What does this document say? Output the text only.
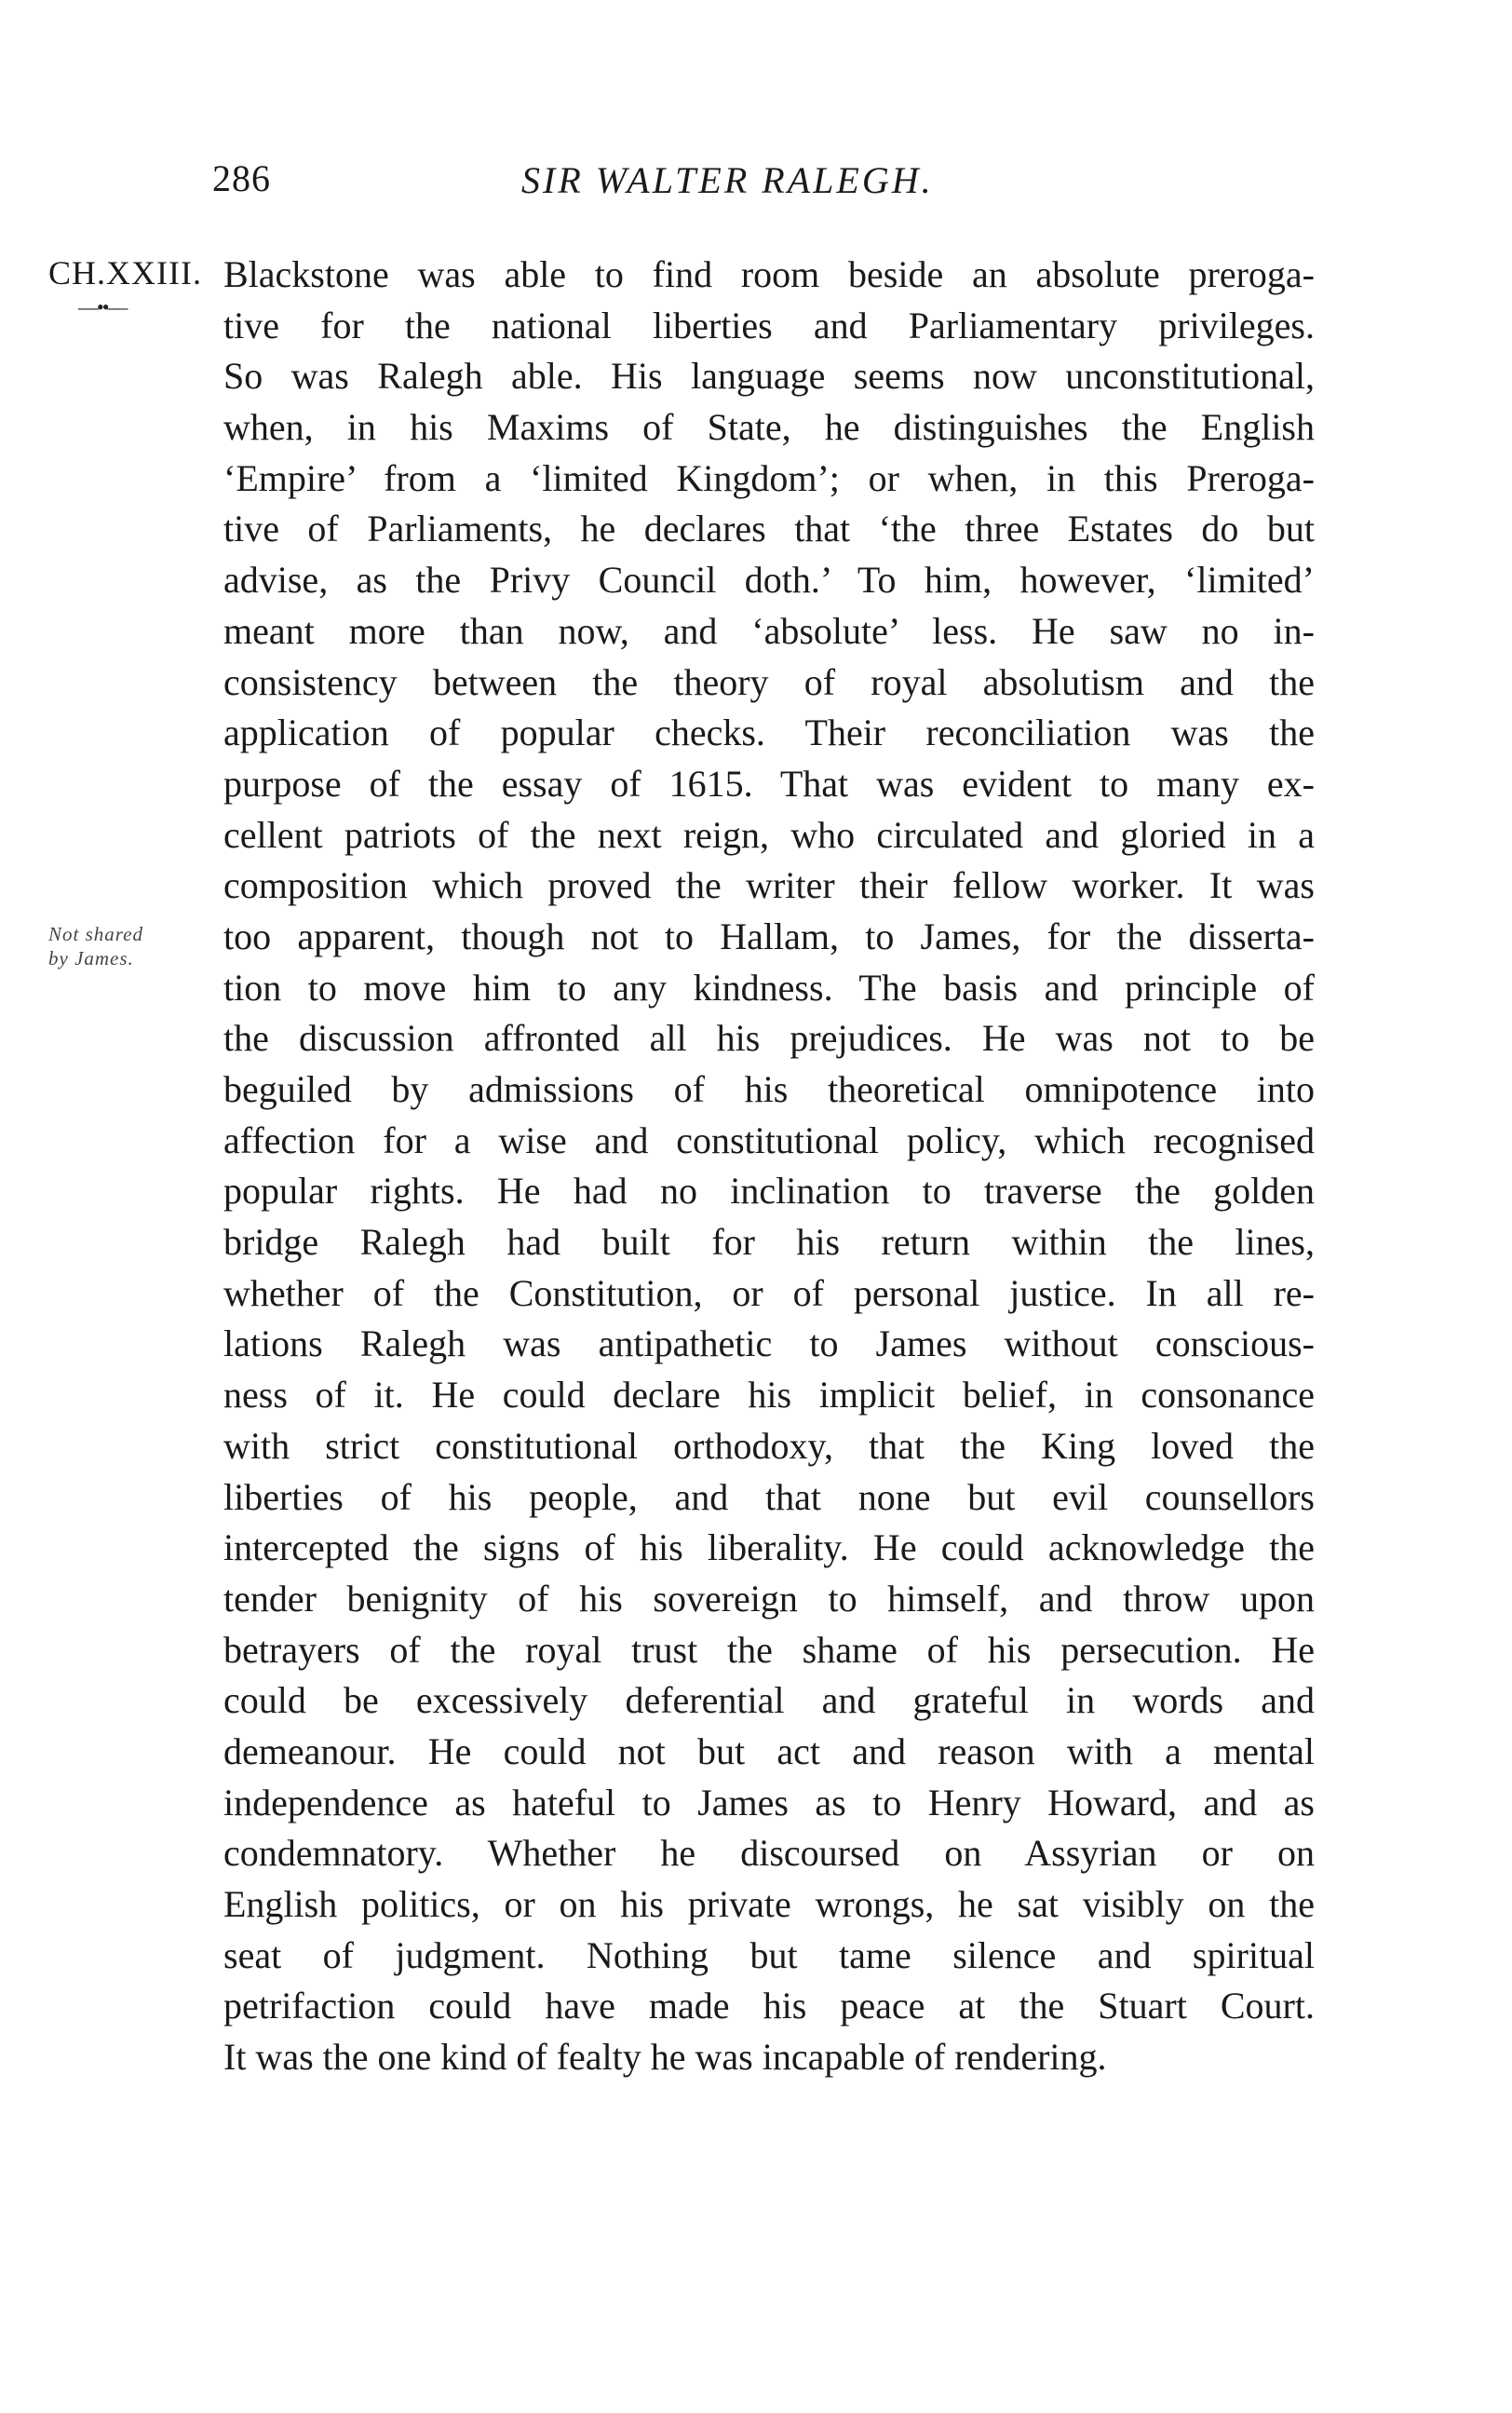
286	SIR WALTER RALEGH.
CH.XXIII.
—••—
Not shared
by James.
Blackstone was able to find room beside an absolute preroga-
tive for the national liberties and Parliamentary privileges.
So was Ralegh able. His language seems now unconstitutional,
when, in his Maxims of State, he distinguishes the English
‘Empire’ from a ‘limited Kingdom’; or when, in this Preroga-
tive of Parliaments, he declares that ‘the three Estates do but
advise, as the Privy Council doth.’ To him, however, ‘limited’
meant more than now, and ‘absolute’ less. He saw no in-
consistency between the theory of royal absolutism and the
application of popular checks. Their reconciliation was the
purpose of the essay of 1615. That was evident to many ex-
cellent patriots of the next reign, who circulated and gloried in a
composition which proved the writer their fellow worker. It was
too apparent, though not to Hallam, to James, for the disserta-
tion to move him to any kindness. The basis and principle of
the discussion affronted all his prejudices. He was not to be
beguiled by admissions of his theoretical omnipotence into
affection for a wise and constitutional policy, which recognised
popular rights. He had no inclination to traverse the golden
bridge Ralegh had built for his return within the lines,
whether of the Constitution, or of personal justice. In all re-
lations Ralegh was antipathetic to James without conscious-
ness of it. He could declare his implicit belief, in consonance
with strict constitutional orthodoxy, that the King loved the
liberties of his people, and that none but evil counsellors
intercepted the signs of his liberality. He could acknowledge the
tender benignity of his sovereign to himself, and throw upon
betrayers of the royal trust the shame of his persecution. He
could be excessively deferential and grateful in words and
demeanour. He could not but act and reason with a mental
independence as hateful to James as to Henry Howard, and as
condemnatory. Whether he discoursed on Assyrian or on
English politics, or on his private wrongs, he sat visibly on the
seat of judgment. Nothing but tame silence and spiritual
petrifaction could have made his peace at the Stuart Court.
It was the one kind of fealty he was incapable of rendering.
